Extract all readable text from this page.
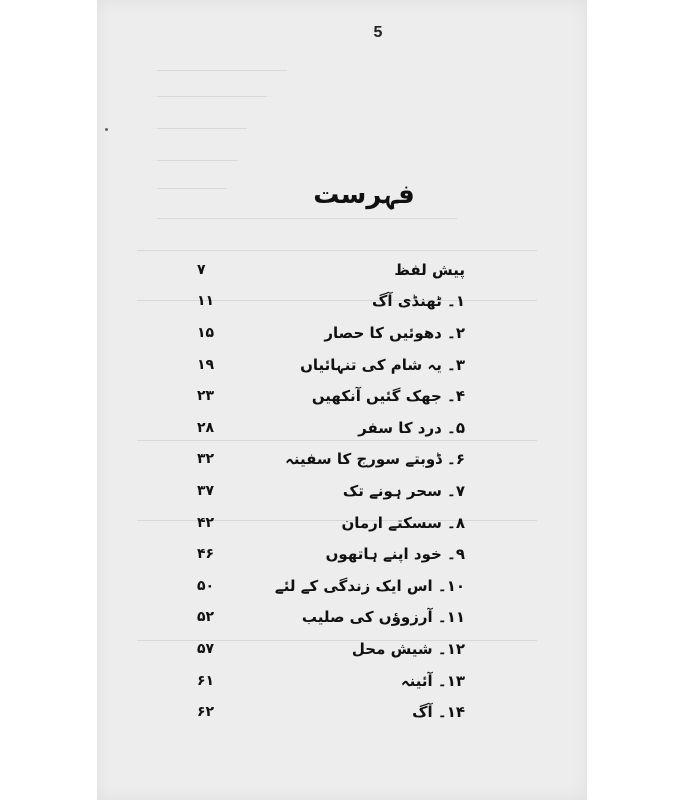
5
فہرست
۷	پیش لفظ
۱۱	۱۔ ٹھنڈی آگ
۱۵	۲۔ دھوئیں کا حصار
۱۹	۳۔ یہ شام کی تنہائیاں
۲۳	۴۔ جھک گئیں آنکھیں
۲۸	۵۔ درد کا سفر
۳۲	۶۔ ڈوبتے سورج کا سفینہ
۳۷	۷۔ سحر ہونے تک
۴۲	۸۔ سسکتے ارمان
۴۶	۹۔ خود اپنے ہاتھوں
۵۰	۱۰۔ اس ایک زندگی کے لئے
۵۲	۱۱۔ آرزوؤں کی صلیب
۵۷	۱۲۔ شیش محل
۶۱	۱۳۔ آئینہ
۶۲	۱۴۔ آگ
